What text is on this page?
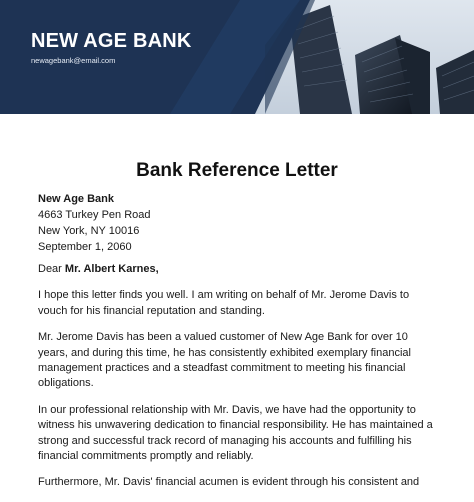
NEW AGE BANK
newagebank@email.com
Bank Reference Letter
New Age Bank
4663 Turkey Pen Road
New York, NY 10016
September 1, 2060

Dear Mr. Albert Karnes,

I hope this letter finds you well. I am writing on behalf of Mr. Jerome Davis to vouch for his financial reputation and standing.

Mr. Jerome Davis has been a valued customer of New Age Bank for over 10 years, and during this time, he has consistently exhibited exemplary financial management practices and a steadfast commitment to meeting his financial obligations.

In our professional relationship with Mr. Davis, we have had the opportunity to witness his unwavering dedication to financial responsibility. He has maintained a strong and successful track record of managing his accounts and fulfilling his financial commitments promptly and reliably.

Furthermore, Mr. Davis' financial acumen is evident through his consistent and
